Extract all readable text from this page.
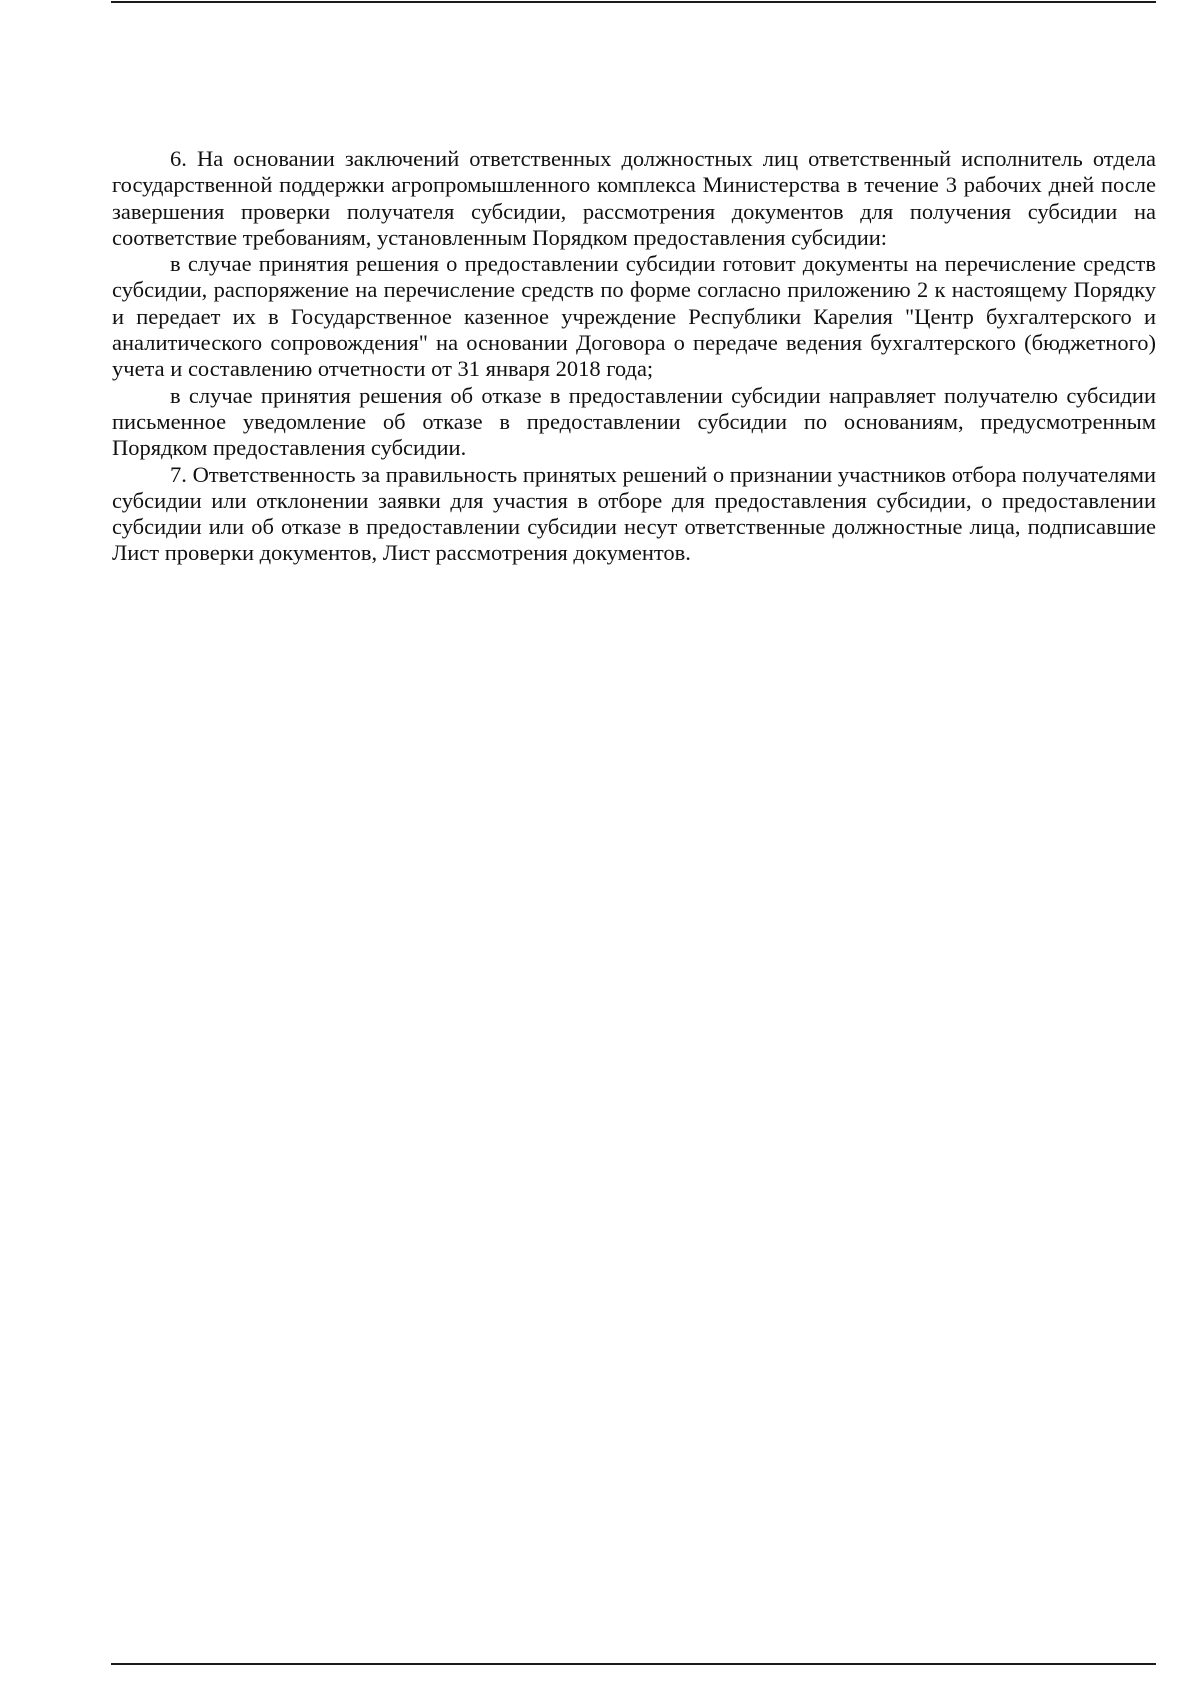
6. На основании заключений ответственных должностных лиц ответственный исполнитель отдела государственной поддержки агропромышленного комплекса Министерства в течение 3 рабочих дней после завершения проверки получателя субсидии, рассмотрения документов для получения субсидии на соответствие требованиям, установленным Порядком предоставления субсидии:

в случае принятия решения о предоставлении субсидии готовит документы на перечисление средств субсидии, распоряжение на перечисление средств по форме согласно приложению 2 к настоящему Порядку и передает их в Государственное казенное учреждение Республики Карелия "Центр бухгалтерского и аналитического сопровождения" на основании Договора о передаче ведения бухгалтерского (бюджетного) учета и составлению отчетности от 31 января 2018 года;

в случае принятия решения об отказе в предоставлении субсидии направляет получателю субсидии письменное уведомление об отказе в предоставлении субсидии по основаниям, предусмотренным Порядком предоставления субсидии.

7. Ответственность за правильность принятых решений о признании участников отбора получателями субсидии или отклонении заявки для участия в отборе для предоставления субсидии, о предоставлении субсидии или об отказе в предоставлении субсидии несут ответственные должностные лица, подписавшие Лист проверки документов, Лист рассмотрения документов.
